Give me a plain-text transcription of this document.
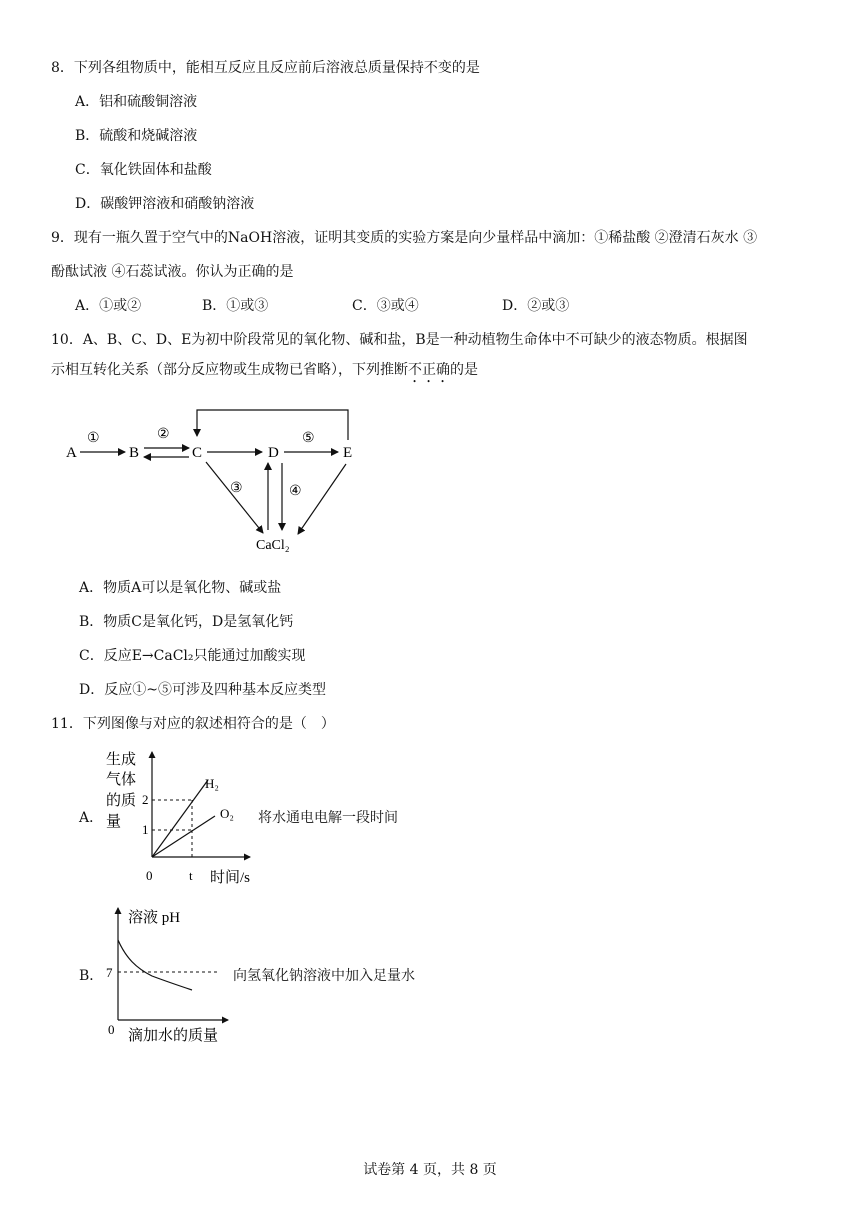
8．下列各组物质中，能相互反应且反应前后溶液总质量保持不变的是
A．铝和硫酸铜溶液
B．硫酸和烧碱溶液
C．氧化铁固体和盐酸
D．碳酸钾溶液和硝酸钠溶液
9．现有一瓶久置于空气中的NaOH溶液，证明其变质的实验方案是向少量样品中滴加：①稀盐酸 ②澄清石灰水 ③
酚酞试液 ④石蕊试液。你认为正确的是
A．①或②	B．①或③	C．③或④	D．②或③
10．A、B、C、D、E为初中阶段常见的氧化物、碱和盐，B是一种动植物生命体中不可缺少的液态物质。根据图
示相互转化关系（部分反应物或生成物已省略），下列推断不正确的是
A	B	C	D	E
CaCl₂
①	②	⑤
③	④
A．物质A可以是氧化物、碱或盐
B．物质C是氧化钙，D是氢氧化钙
C．反应E→CaCl₂只能通过加酸实现
D．反应①~⑤可涉及四种基本反应类型
11．下列图像与对应的叙述相符合的是（　）
A．
生成
气体
的质
量
2
1
0	t 时间/s
H₂
O₂ 将水通电电解一段时间
B．
溶液 pH
7
0 滴加水的质量
向氢氧化钠溶液中加入足量水
试卷第 4 页，共 8 页
